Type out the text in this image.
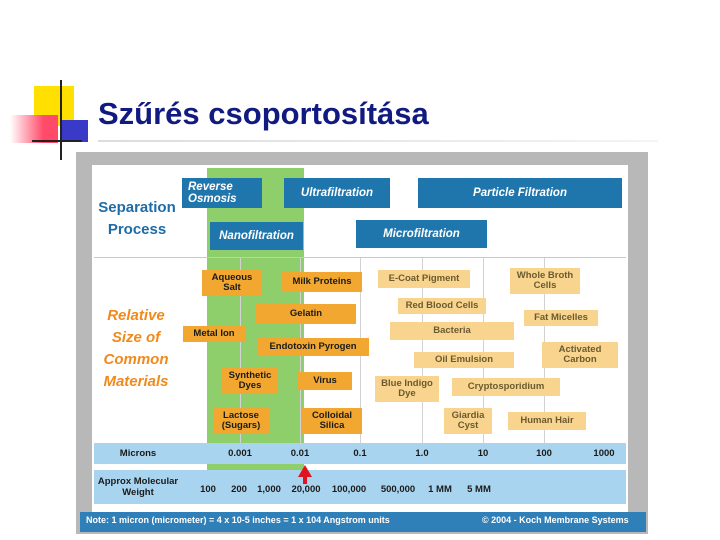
Szűrés csoportosítása
Separation
Process
Relative
Size of
Common
Materials
Reverse Osmosis	Ultrafiltration	Particle Filtration
Nanofiltration	Microfiltration
Aqueous Salt
Milk Proteins
Gelatin
Metal Ion
Endotoxin Pyrogen
Synthetic Dyes	Virus
Lactose (Sugars)
Colloidal Silica
E-Coat Pigment	Whole Broth Cells
Red Blood Cells
Fat Micelles
Bacteria
Activated Carbon
Oil Emulsion
Blue Indigo Dye
Cryptosporidium
Giardia Cyst	Human Hair
Microns	0.001	0.01	0.1	1.0	10	100	1000
Approx Molecular Weight	100 200 1,000 20,000 100,000 500,000 1 MM 5 MM
Note: 1 micron (micrometer) = 4 x 10-5 inches = 1 x 104 Angstrom units	© 2004 - Koch Membrane Systems
